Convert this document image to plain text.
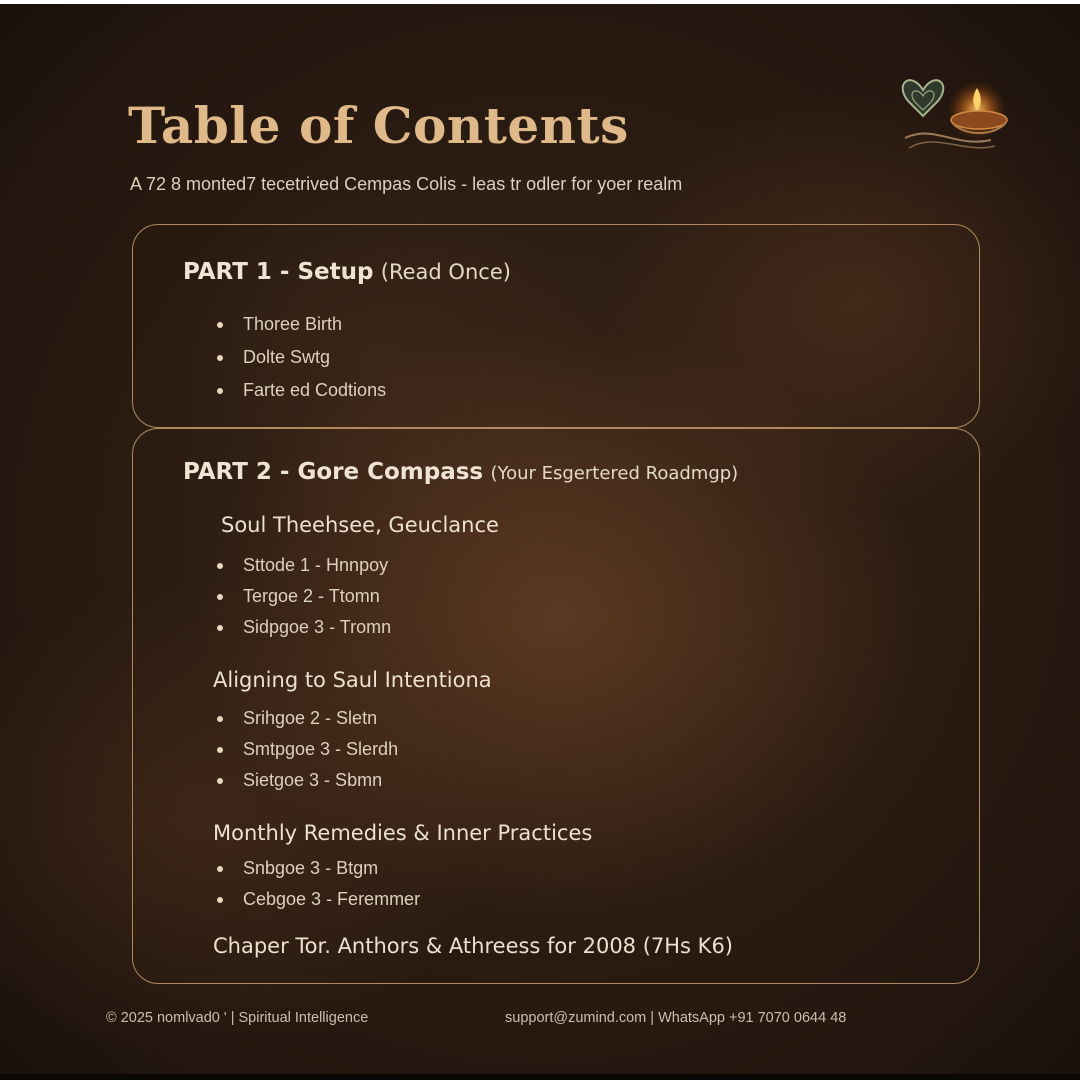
Table of Contents
A 72 8 monted7 tecetrived Cempas Colis - leas tr odler for yoer realm
PART 1 - Setup (Read Once)
Thoree Birth
Dolte Swtg
Farte ed Codtions
PART 2 - Gore Compass (Your Esgertered Roadmgp)
Soul Theehsee, Geuclance
Sttode 1 - Hnnpoy
Tergoe 2 - Ttomn
Sidpgoe 3 - Tromn
Aligning to Saul Intentiona
Srihgoe 2 - Sletn
Smtpgoe 3 - Slerdh
Sietgoe 3 - Sbmn
Monthly Remedies & Inner Practices
Snbgoe 3 - Btgm
Cebgoe 3 - Feremmer
Chaper Tor. Anthors & Athreess for 2008 (7Hs K6)
© 2025 nomlvad0 ' | Spiritual Intelligence	support@zumind.com | WhatsApp +91 7070 0644 48
